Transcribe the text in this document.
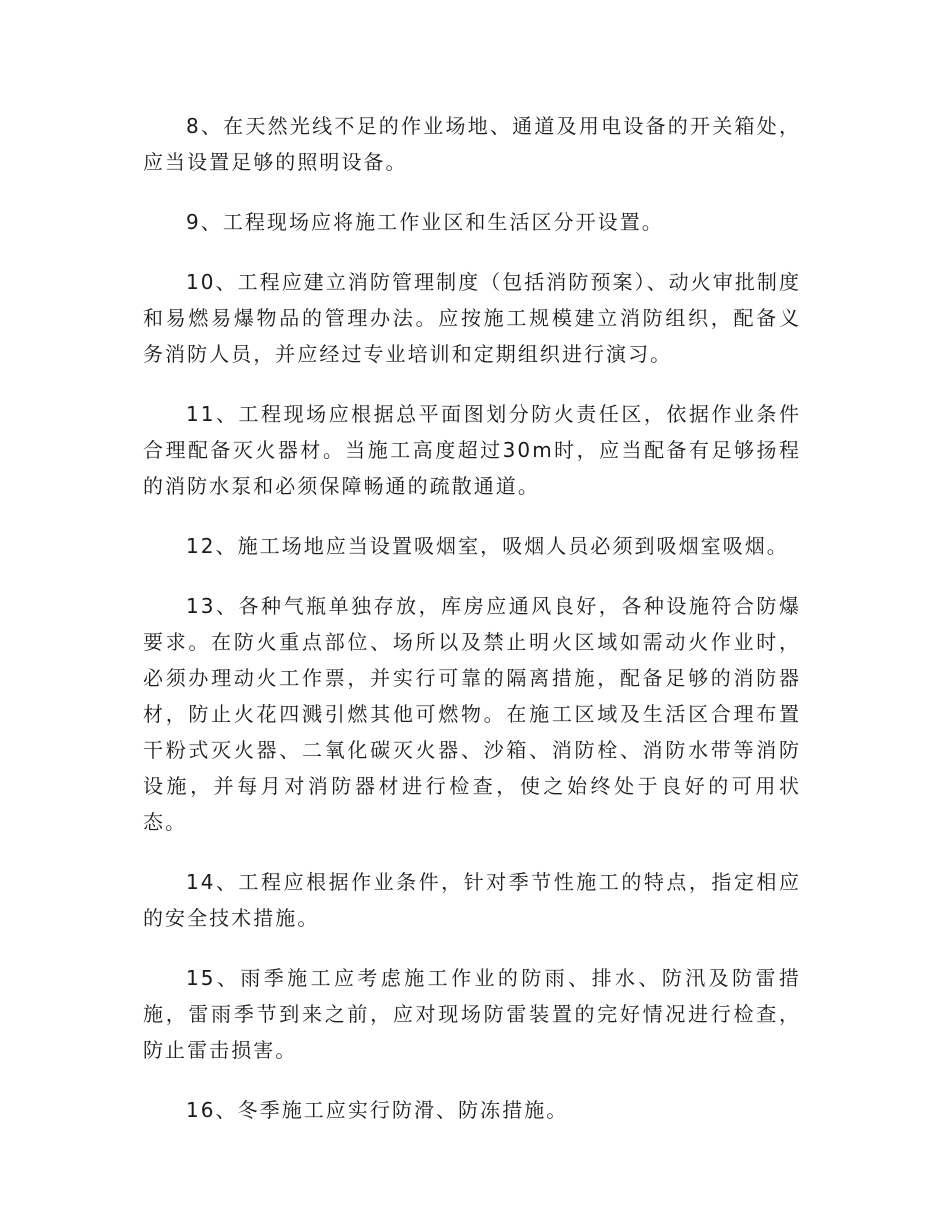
8、在天然光线不足的作业场地、通道及用电设备的开关箱处，应当设置足够的照明设备。

9、工程现场应将施工作业区和生活区分开设置。

10、工程应建立消防管理制度（包括消防预案）、动火审批制度和易燃易爆物品的管理办法。应按施工规模建立消防组织，配备义务消防人员，并应经过专业培训和定期组织进行演习。

11、工程现场应根据总平面图划分防火责任区，依据作业条件合理配备灭火器材。当施工高度超过30m时，应当配备有足够扬程的消防水泵和必须保障畅通的疏散通道。

12、施工场地应当设置吸烟室，吸烟人员必须到吸烟室吸烟。

13、各种气瓶单独存放，库房应通风良好，各种设施符合防爆要求。在防火重点部位、场所以及禁止明火区域如需动火作业时，必须办理动火工作票，并实行可靠的隔离措施，配备足够的消防器材，防止火花四溅引燃其他可燃物。在施工区域及生活区合理布置干粉式灭火器、二氧化碳灭火器、沙箱、消防栓、消防水带等消防设施，并每月对消防器材进行检查，使之始终处于良好的可用状态。

14、工程应根据作业条件，针对季节性施工的特点，指定相应的安全技术措施。

15、雨季施工应考虑施工作业的防雨、排水、防汛及防雷措施，雷雨季节到来之前，应对现场防雷装置的完好情况进行检查，防止雷击损害。

16、冬季施工应实行防滑、防冻措施。
